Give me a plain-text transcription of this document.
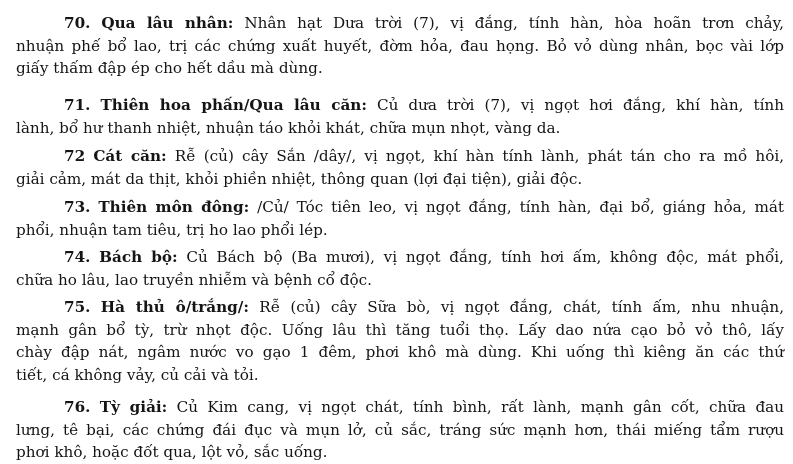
70. Qua lâu nhân: Nhân hạt Dưa trời (7), vị đắng, tính hàn, hòa hoãn trơn chảy,
nhuận phế bổ lao, trị các chứng xuất huyết, đờm hỏa, đau họng. Bỏ vỏ dùng nhân, bọc vài lớp
giấy thấm đập ép cho hết dầu mà dùng.
71. Thiên hoa phấn/Qua lâu căn: Củ dưa trời (7), vị ngọt hơi đắng, khí hàn, tính
lành, bổ hư thanh nhiệt, nhuận táo khỏi khát, chữa mụn nhọt, vàng da.
72 Cát căn: Rễ (củ) cây Sắn /dây/, vị ngọt, khí hàn tính lành, phát tán cho ra mồ hôi,
giải cảm, mát da thịt, khỏi phiền nhiệt, thông quan (lợi đại tiện), giải độc.
73. Thiên môn đông: /Củ/ Tóc tiên leo, vị ngọt đắng, tính hàn, đại bổ, giáng hỏa, mát
phổi, nhuận tam tiêu, trị ho lao phổi lép.
74. Bách bộ: Củ Bách bộ (Ba mươi), vị ngọt đắng, tính hơi ấm, không độc, mát phổi,
chữa ho lâu, lao truyền nhiễm và bệnh cổ độc.
75. Hà thủ ô/trắng/: Rễ (củ) cây Sữa bò, vị ngọt đắng, chát, tính ấm, nhu nhuận,
mạnh gân bổ tỳ, trừ nhọt độc. Uống lâu thì tăng tuổi thọ. Lấy dao nứa cạo bỏ vỏ thô, lấy
chày đập nát, ngâm nước vo gạo 1 đêm, phơi khô mà dùng. Khi uống thì kiêng ăn các thứ
tiết, cá không vảy, củ cải và tỏi.
76. Tỳ giải: Củ Kim cang, vị ngọt chát, tính bình, rất lành, mạnh gân cốt, chữa đau
lưng, tê bại, các chứng đái đục và mụn lở, củ sắc, tráng sức mạnh hơn, thái miếng tẩm rượu
phơi khô, hoặc đốt qua, lột vỏ, sắc uống.
